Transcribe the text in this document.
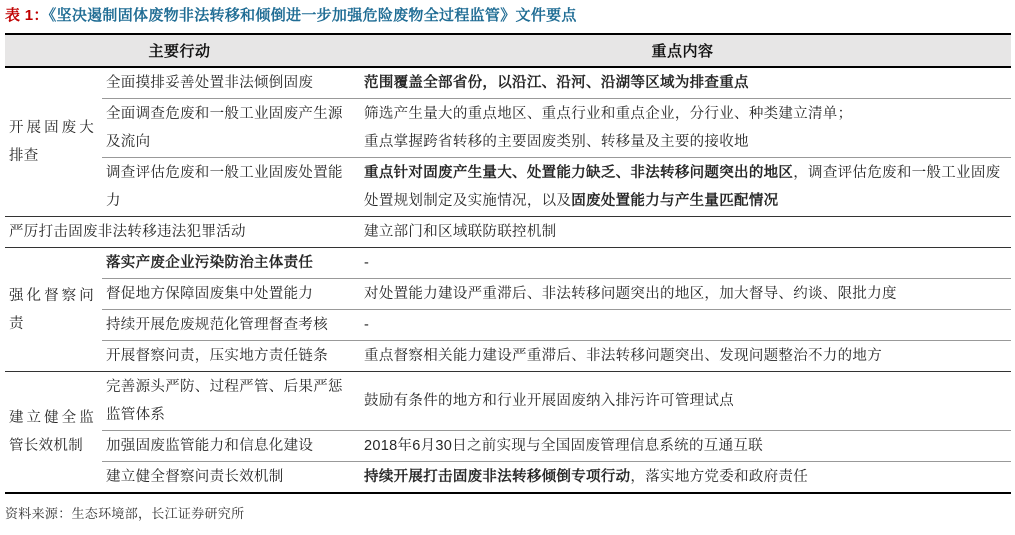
表 1：《坚决遏制固体废物非法转移和倾倒进一步加强危险废物全过程监管》文件要点
主要行动		重点内容
开展固废大排查	全面摸排妥善处置非法倾倒固废	范围覆盖全部省份，以沿江、沿河、沿湖等区域为排查重点
	全面调查危废和一般工业固废产生源及流向	筛选产生量大的重点地区、重点行业和重点企业，分行业、种类建立清单；
重点掌握跨省转移的主要固废类别、转移量及主要的接收地

	调查评估危废和一般工业固废处置能力	重点针对固废产生量大、处置能力缺乏、非法转移问题突出的地区，调查评估危废和一般工业固废处置规划制定及实施情况，以及固废处置能力与产生量匹配情况
严厉打击固废非法转移违法犯罪活动		建立部门和区域联防联控机制
强化督察问责	落实产废企业污染防治主体责任	-
	督促地方保障固废集中处置能力	对处置能力建设严重滞后、非法转移问题突出的地区，加大督导、约谈、限批力度
	持续开展危废规范化管理督查考核	-
	开展督察问责，压实地方责任链条	重点督察相关能力建设严重滞后、非法转移问题突出、发现问题整治不力的地方
建立健全监管长效机制	完善源头严防、过程严管、后果严惩监管体系	鼓励有条件的地方和行业开展固废纳入排污许可管理试点
	加强固废监管能力和信息化建设	2018年6月30日之前实现与全国固废管理信息系统的互通互联
	建立健全督察问责长效机制	持续开展打击固废非法转移倾倒专项行动，落实地方党委和政府责任
资料来源：生态环境部，长江证券研究所
